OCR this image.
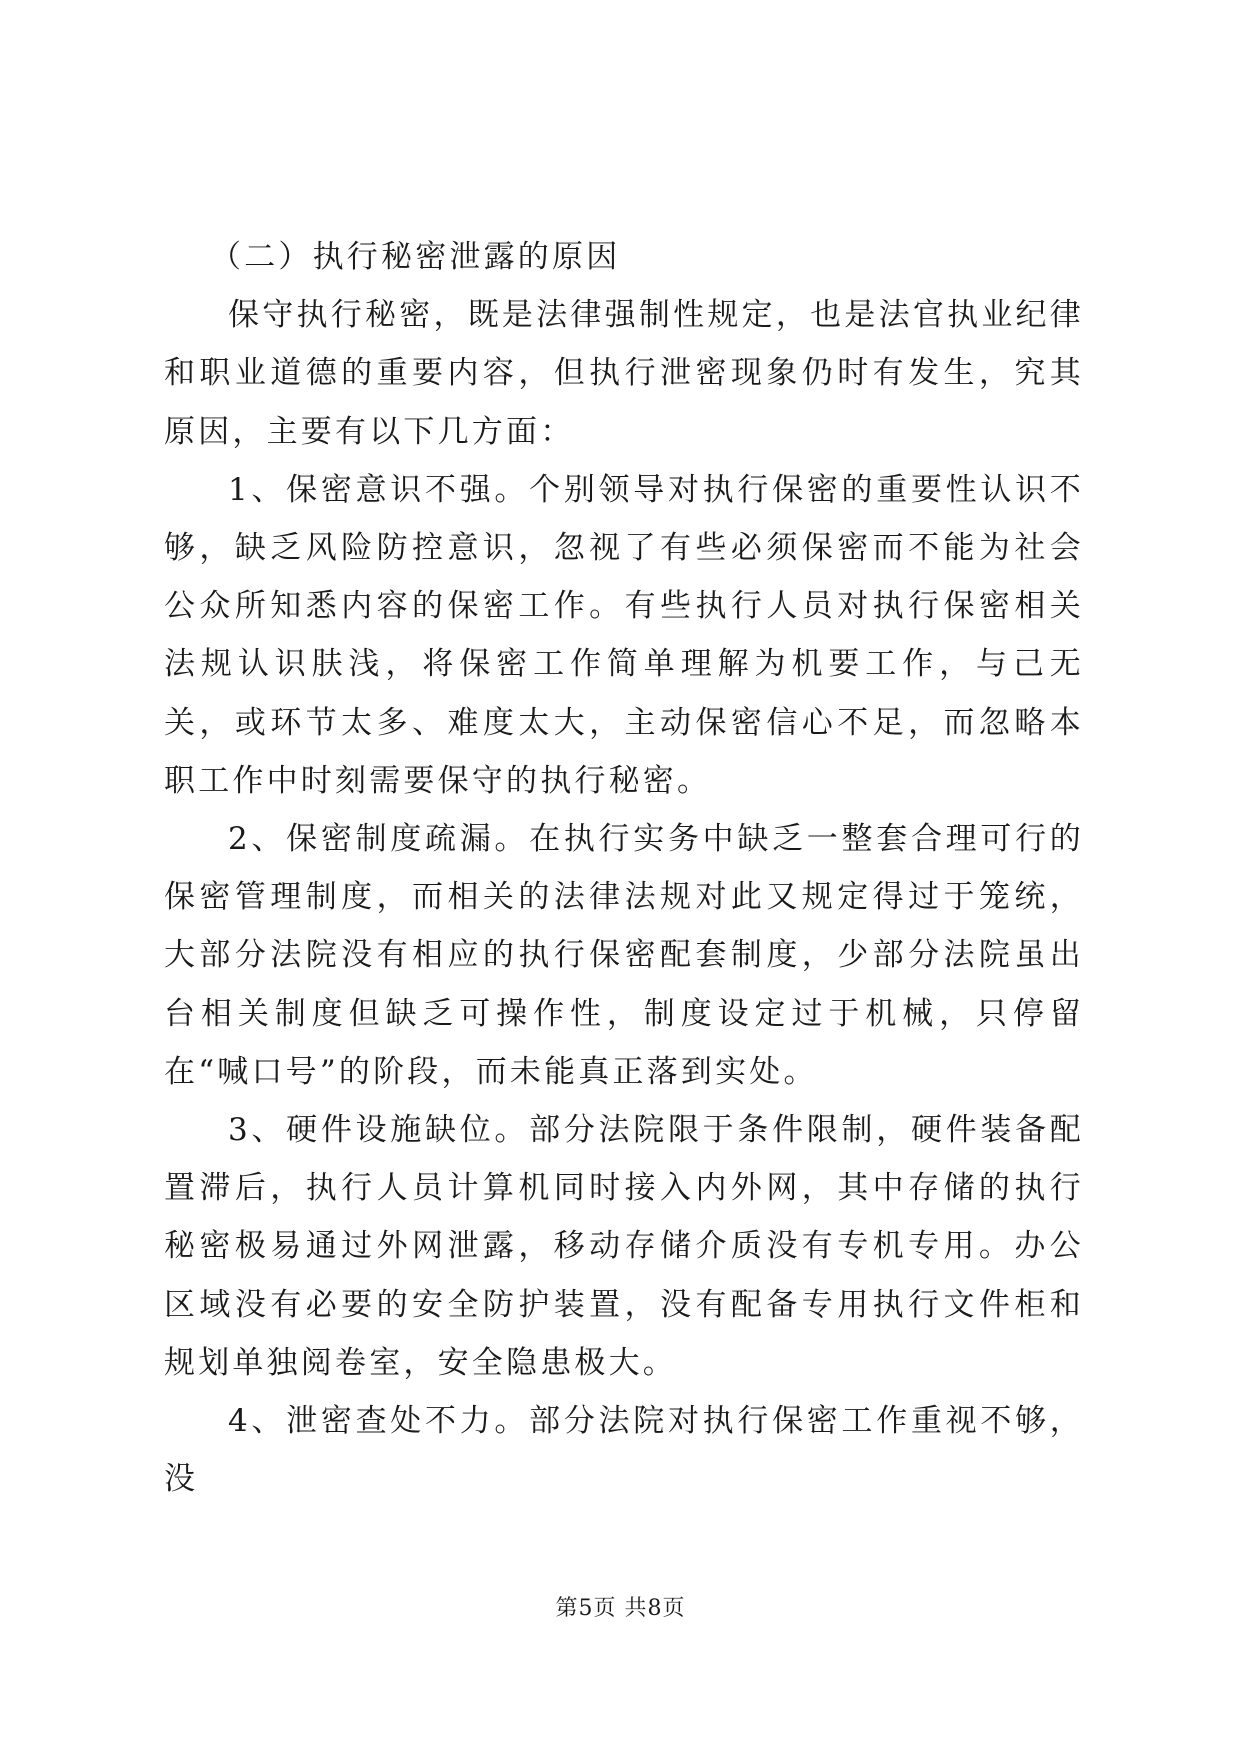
（二）执行秘密泄露的原因

保守执行秘密，既是法律强制性规定，也是法官执业纪律和职业道德的重要内容，但执行泄密现象仍时有发生，究其原因，主要有以下几方面：

1、保密意识不强。个别领导对执行保密的重要性认识不够，缺乏风险防控意识，忽视了有些必须保密而不能为社会公众所知悉内容的保密工作。有些执行人员对执行保密相关法规认识肤浅，将保密工作简单理解为机要工作，与己无关，或环节太多、难度太大，主动保密信心不足，而忽略本职工作中时刻需要保守的执行秘密。

2、保密制度疏漏。在执行实务中缺乏一整套合理可行的保密管理制度，而相关的法律法规对此又规定得过于笼统，大部分法院没有相应的执行保密配套制度，少部分法院虽出台相关制度但缺乏可操作性，制度设定过于机械，只停留在“喊口号”的阶段，而未能真正落到实处。

3、硬件设施缺位。部分法院限于条件限制，硬件装备配置滞后，执行人员计算机同时接入内外网，其中存储的执行秘密极易通过外网泄露，移动存储介质没有专机专用。办公区域没有必要的安全防护装置，没有配备专用执行文件柜和规划单独阅卷室，安全隐患极大。

4、泄密查处不力。部分法院对执行保密工作重视不够，没

第5页 共8页
